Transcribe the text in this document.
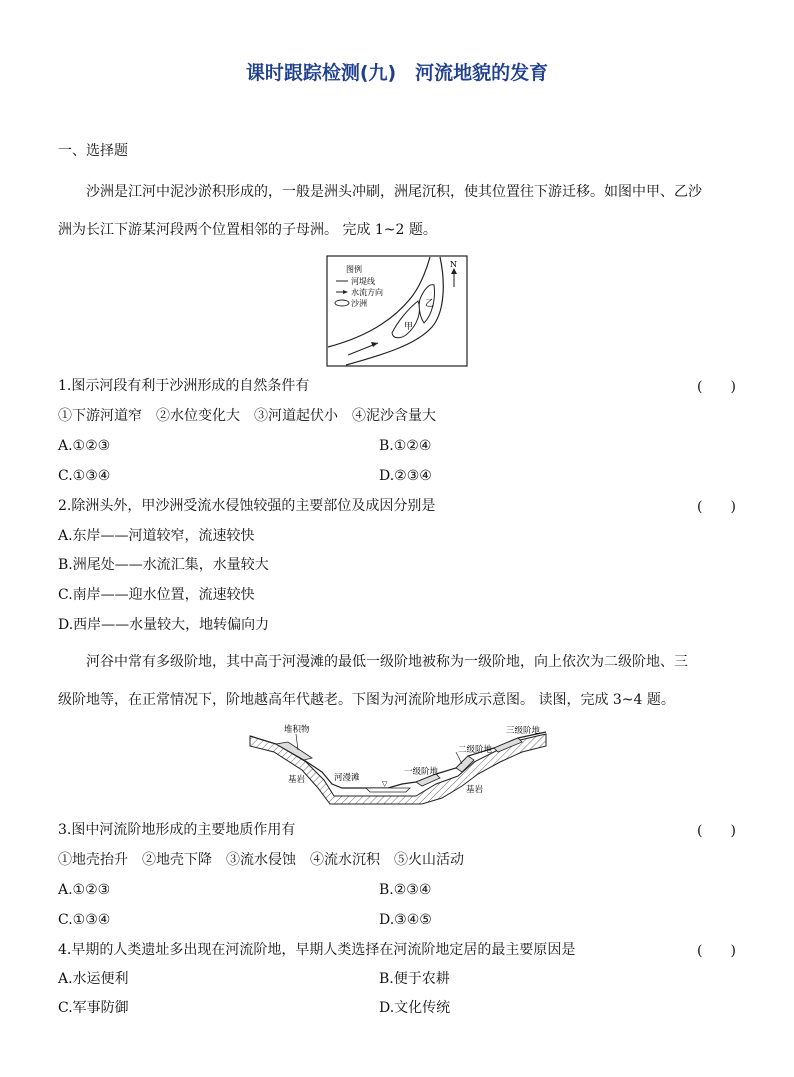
课时跟踪检测(九)　河流地貌的发育
一、选择题
沙洲是江河中泥沙淤积形成的，一般是洲头冲刷，洲尾沉积，使其位置往下游迁移。如图中甲、乙沙
洲为长江下游某河段两个位置相邻的子母洲。 完成 1~2 题。
N
图例
河堤线
水流方向
沙洲
甲
乙
1.图示河段有利于沙洲形成的自然条件有	(　　)
①下游河道窄　②水位变化大　③河道起伏小　④泥沙含量大
A.①②③	B.①②④
C.①③④	D.②③④
2.除洲头外，甲沙洲受流水侵蚀较强的主要部位及成因分别是	(　　)
A.东岸——河道较窄，流速较快
B.洲尾处——水流汇集，水量较大
C.南岸——迎水位置，流速较快
D.西岸——水量较大，地转偏向力
河谷中常有多级阶地，其中高于河漫滩的最低一级阶地被称为一级阶地，向上依次为二级阶地、三
级阶地等，在正常情况下，阶地越高年代越老。下图为河流阶地形成示意图。 读图，完成 3~4 题。
▽
堆积物
基岩	河漫滩
一级阶地
二级阶地
三级阶地
基岩
3.图中河流阶地形成的主要地质作用有	(　　)
①地壳抬升　②地壳下降　③流水侵蚀　④流水沉积　⑤火山活动
A.①②③	B.②③④
C.①③④	D.③④⑤
4.早期的人类遗址多出现在河流阶地，早期人类选择在河流阶地定居的最主要原因是	(　　)
A.水运便利	B.便于农耕
C.军事防御	D.文化传统
